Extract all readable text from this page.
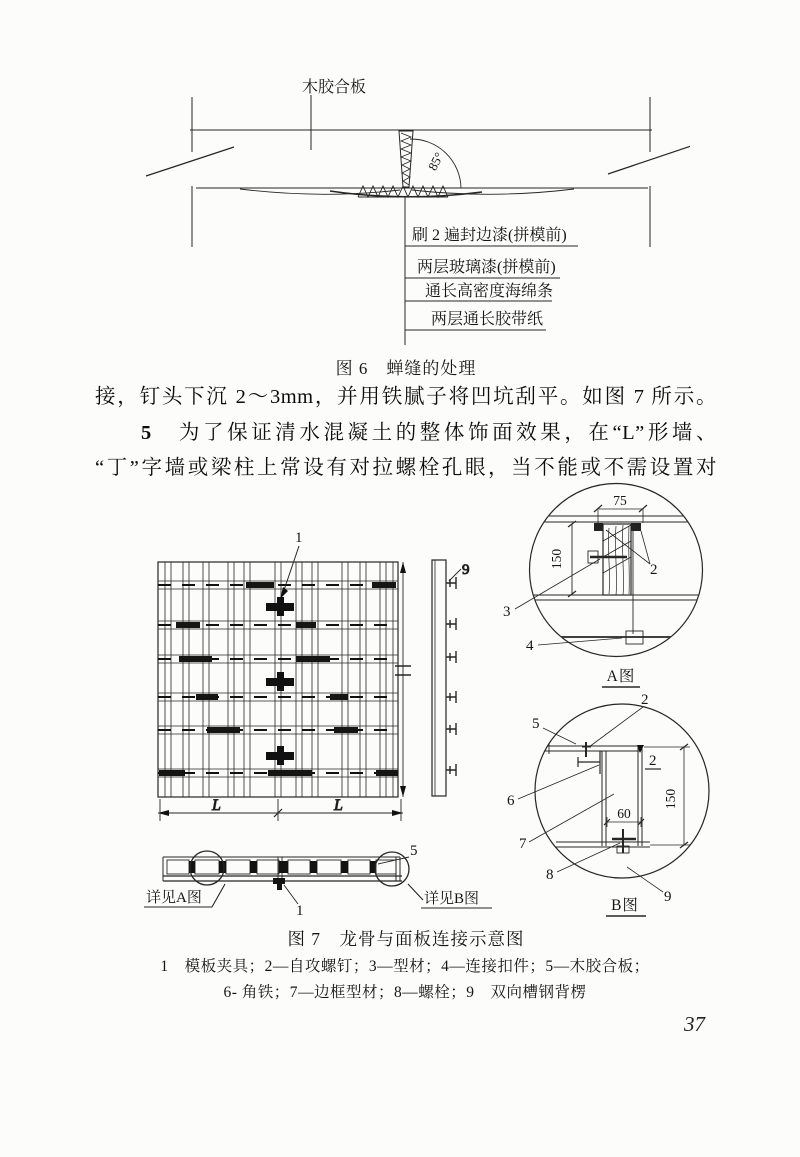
85°
木胶合板
刷 2 遍封边漆(拼模前)
两层玻璃漆(拼模前)
通长高密度海绵条
两层通长胶带纸
图 6　蝉缝的处理
接，钉头下沉 2～3mm，并用铁腻子将凹坑刮平。如图 7 所示。
5　为了保证清水混凝土的整体饰面效果，在“L”形墙、
“丁”字墙或梁柱上常设有对拉螺栓孔眼，当不能或不需设置对
1
L	L
9
75
150
2
3
4
A图
60
150
2
5
2
6
7
8
9
B图
详见A图	详见B图
5
1
图 7　龙骨与面板连接示意图
1　模板夹具；2—自攻螺钉；3—型材；4—连接扣件；5—木胶合板；
6- 角铁；7—边框型材；8—螺栓；9　双向槽钢背楞
37
